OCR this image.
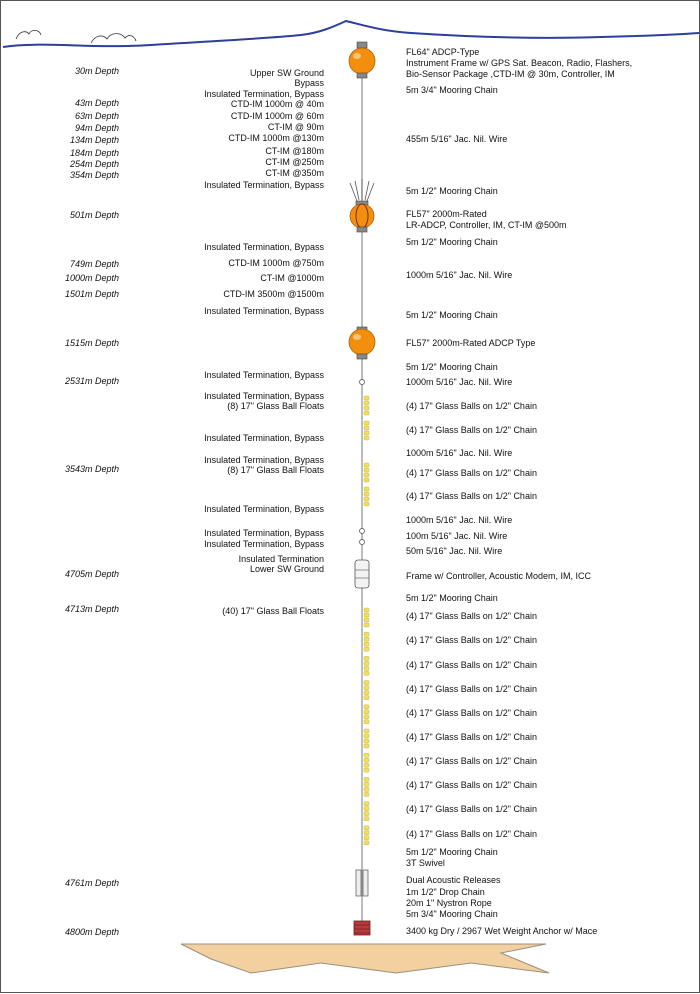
30m Depth
43m Depth
63m Depth
94m Depth
134m Depth
184m Depth
254m Depth
354m Depth
501m Depth
749m Depth
1000m Depth
1501m Depth
1515m Depth
2531m Depth
3543m Depth
4705m Depth
4713m Depth
4761m Depth
4800m Depth
Upper SW Ground
Bypass
Insulated Termination, Bypass
CTD-IM 1000m @ 40m
CTD-IM 1000m @ 60m
CT-IM @ 90m
CTD-IM 1000m @130m
CT-IM @180m
CT-IM @250m
CT-IM @350m
Insulated Termination, Bypass
Insulated Termination, Bypass
CTD-IM 1000m @750m
CT-IM @1000m
CTD-IM 3500m @1500m
Insulated Termination, Bypass
Insulated Termination, Bypass
Insulated Termination, Bypass
(8) 17" Glass Ball Floats
Insulated Termination, Bypass
Insulated Termination, Bypass
(8) 17" Glass Ball Floats
Insulated Termination, Bypass
Insulated Termination, Bypass
Insulated Termination, Bypass
Insulated Termination
Lower SW Ground
(40) 17" Glass Ball Floats
FL64" ADCP-Type
Instrument Frame w/ GPS Sat. Beacon, Radio, Flashers,
Bio-Sensor Package ,CTD-IM @ 30m, Controller, IM
5m 3/4" Mooring Chain
455m 5/16" Jac. Nil. Wire
5m 1/2" Mooring Chain
FL57" 2000m-Rated
LR-ADCP, Controller, IM, CT-IM @500m
5m 1/2" Mooring Chain
1000m 5/16" Jac. Nil. Wire
5m 1/2" Mooring Chain
FL57" 2000m-Rated ADCP Type
5m 1/2" Mooring Chain
1000m 5/16" Jac. Nil. Wire
(4) 17" Glass Balls on 1/2" Chain
(4) 17" Glass Balls on 1/2" Chain
1000m 5/16" Jac. Nil. Wire
(4) 17" Glass Balls on 1/2" Chain
(4) 17" Glass Balls on 1/2" Chain
1000m 5/16" Jac. Nil. Wire
100m 5/16" Jac. Nil. Wire
50m 5/16" Jac. Nil. Wire
Frame w/ Controller, Acoustic Modem, IM, ICC
5m 1/2" Mooring Chain
(4) 17" Glass Balls on 1/2" Chain
(4) 17" Glass Balls on 1/2" Chain
(4) 17" Glass Balls on 1/2" Chain
(4) 17" Glass Balls on 1/2" Chain
(4) 17" Glass Balls on 1/2" Chain
(4) 17" Glass Balls on 1/2" Chain
(4) 17" Glass Balls on 1/2" Chain
(4) 17" Glass Balls on 1/2" Chain
(4) 17" Glass Balls on 1/2" Chain
(4) 17" Glass Balls on 1/2" Chain
5m 1/2" Mooring Chain
3T Swivel
Dual Acoustic Releases
1m 1/2" Drop Chain
20m 1" Nystron Rope
5m 3/4" Mooring Chain
3400 kg Dry / 2967 Wet Weight Anchor w/ Mace
